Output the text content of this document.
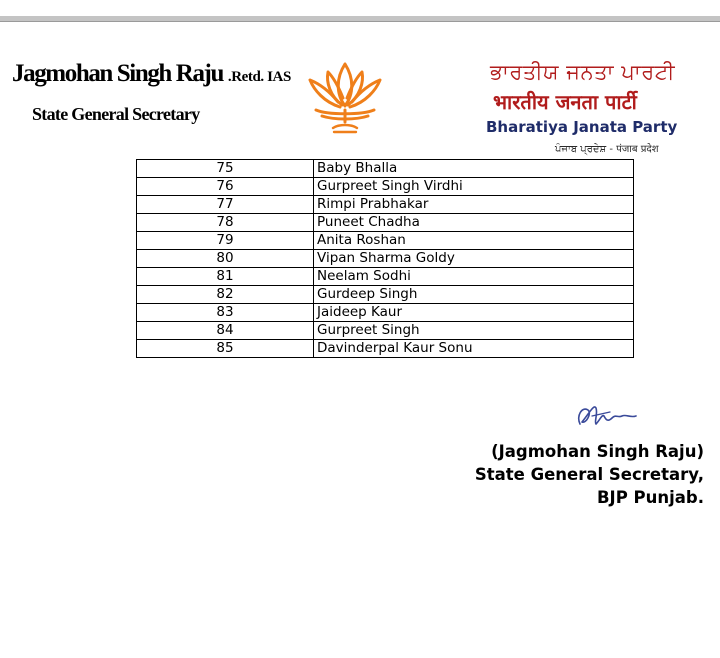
Jagmohan Singh Raju .Retd. IAS

State General Secretary
ਭਾਰਤੀਯ ਜਨਤਾ ਪਾਰਟੀ
भारतीय जनता पार्टी
Bharatiya Janata Party
ਪੰਜਾਬ ਪ੍ਰਦੇਸ਼ - पंजाब प्रदेश
75	Baby Bhalla
76	Gurpreet Singh Virdhi
77	Rimpi Prabhakar
78	Puneet Chadha
79	Anita Roshan
80	Vipan Sharma Goldy
81	Neelam Sodhi
82	Gurdeep Singh
83	Jaideep Kaur
84	Gurpreet Singh
85	Davinderpal Kaur Sonu
(Jagmohan Singh Raju)
State General Secretary,
BJP Punjab.
